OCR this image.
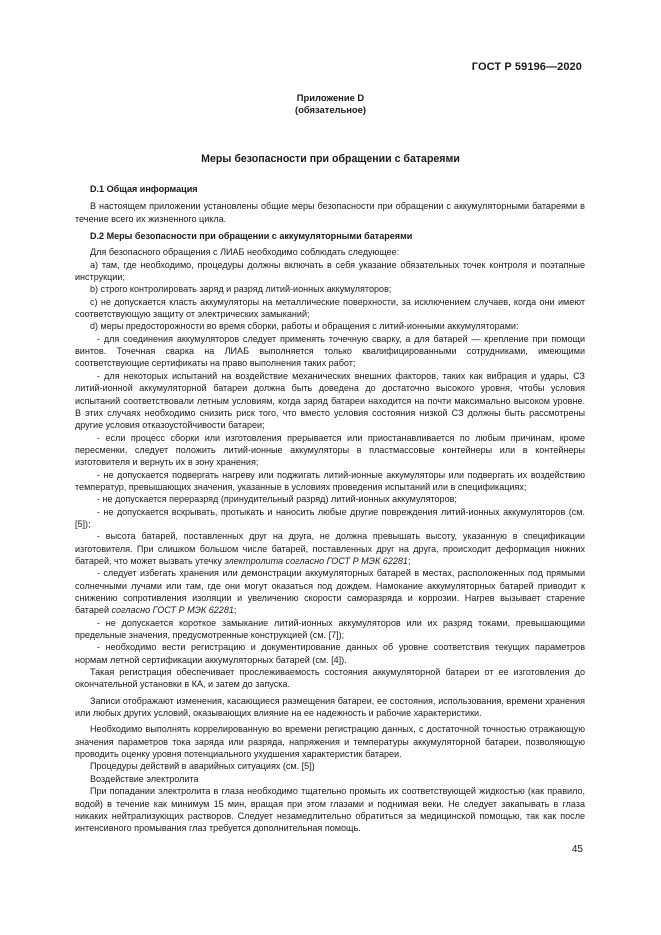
ГОСТ Р 59196—2020
Приложение D
(обязательное)
Меры безопасности при обращении с батареями

D.1 Общая информация

В настоящем приложении установлены общие меры безопасности при обращении с аккумуляторными батареями в течение всего их жизненного цикла.

D.2 Меры безопасности при обращении с аккумуляторными батареями

Для безопасного обращения с ЛИАБ необходимо соблюдать следующее:

а) там, где необходимо, процедуры должны включать в себя указание обязательных точек контроля и поэтапные инструкции;

b) строго контролировать заряд и разряд литий-ионных аккумуляторов;

c) не допускается класть аккумуляторы на металлические поверхности, за исключением случаев, когда они имеют соответствующую защиту от электрических замыканий;

d) меры предосторожности во время сборки, работы и обращения с литий-ионными аккумуляторами:

- для соединения аккумуляторов следует применять точечную сварку, а для батарей — крепление при помощи винтов. Точечная сварка на ЛИАБ выполняется только квалифицированными сотрудниками, имеющими соответствующие сертификаты на право выполнения таких работ;

- для некоторых испытаний на воздействие механических внешних факторов, таких как вибрация и удары, СЗ литий-ионной аккумуляторной батареи должна быть доведена до достаточно высокого уровня, чтобы условия испытаний соответствовали летным условиям, когда заряд батареи находится на почти максимально высоком уровне. В этих случаях необходимо снизить риск того, что вместо условия состояния низкой СЗ должны быть рассмотрены другие условия отказоустойчивости батареи;

- если процесс сборки или изготовления прерывается или приостанавливается по любым причинам, кроме пересменки, следует положить литий-ионные аккумуляторы в пластмассовые контейнеры или в контейнеры изготовителя и вернуть их в зону хранения;

- не допускается подвергать нагреву или поджигать литий-ионные аккумуляторы или подвергать их воздействию температур, превышающих значения, указанные в условиях проведения испытаний или в спецификациях;

- не допускается переразряд (принудительный разряд) литий-ионных аккумуляторов;

- не допускается вскрывать, протыкать и наносить любые другие повреждения литий-ионных аккумуляторов (см. [5]);

- высота батарей, поставленных друг на друга, не должна превышать высоту, указанную в спецификации изготовителя. При слишком большом числе батарей, поставленных друг на друга, происходит деформация нижних батарей, что может вызвать утечку электролита согласно ГОСТ Р МЭК 62281;

- следует избегать хранения или демонстрации аккумуляторных батарей в местах, расположенных под прямыми солнечными лучами или там, где они могут оказаться под дождем. Намокание аккумуляторных батарей приводит к снижению сопротивления изоляции и увеличению скорости саморазряда и коррозии. Нагрев вызывает старение батарей согласно ГОСТ Р МЭК 62281;

- не допускается короткое замыкание литий-ионных аккумуляторов или их разряд токами, превышающими предельные значения, предусмотренные конструкцией (см. [7]);

- необходимо вести регистрацию и документирование данных об уровне соответствия текущих параметров нормам летной сертификации аккумуляторных батарей (см. [4]).

Такая регистрация обеспечивает прослеживаемость состояния аккумуляторной батареи от ее изготовления до окончательной установки в КА, и затем до запуска.

Записи отображают изменения, касающиеся размещения батареи, ее состояния, использования, времени хранения или любых других условий, оказывающих влияние на ее надежность и рабочие характеристики.

Необходимо выполнять коррелированную во времени регистрацию данных, с достаточной точностью отражающую значения параметров тока заряда или разряда, напряжения и температуры аккумуляторной батареи, позволяющую проводить оценку уровня потенциального ухудшения характеристик батареи.

Процедуры действий в аварийных ситуациях (см. [5])

Воздействие электролита

При попадании электролита в глаза необходимо тщательно промыть их соответствующей жидкостью (как правило, водой) в течение как минимум 15 мин, вращая при этом глазами и поднимая веки. Не следует закапывать в глаза никаких нейтрализующих растворов. Следует незамедлительно обратиться за медицинской помощью, так как после интенсивного промывания глаз требуется дополнительная помощь.

45
